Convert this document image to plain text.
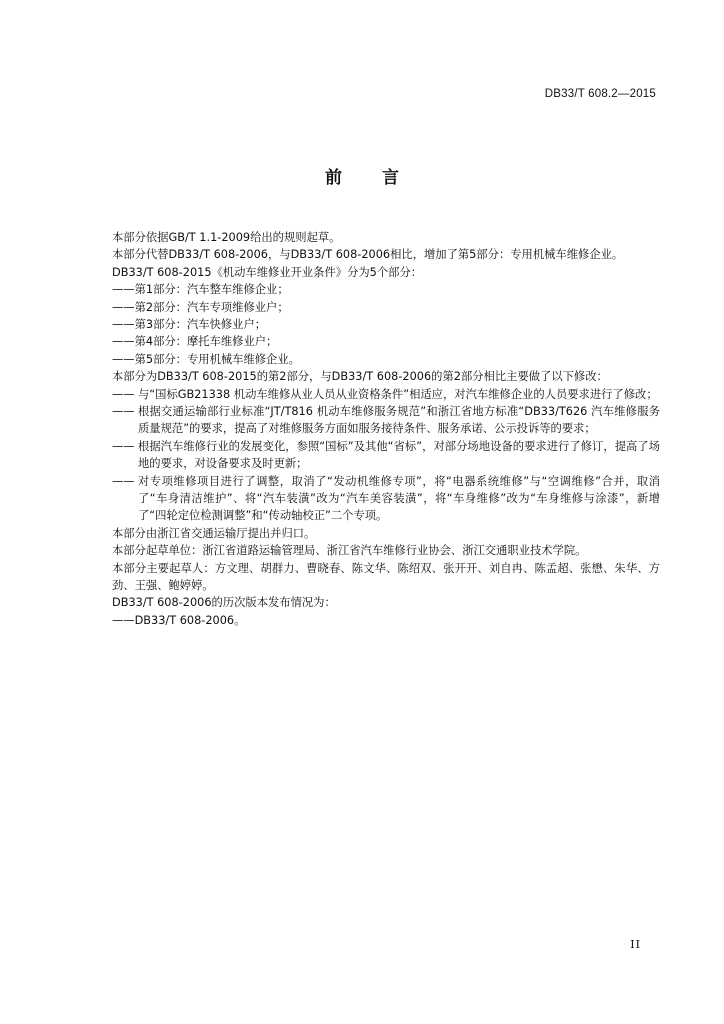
DB33/T 608.2—2015
前言
本部分依据GB/T 1.1-2009给出的规则起草。
本部分代替DB33/T 608-2006，与DB33/T 608-2006相比，增加了第5部分：专用机械车维修企业。
DB33/T 608-2015《机动车维修业开业条件》分为5个部分：
——第1部分：汽车整车维修企业；
——第2部分：汽车专项维修业户；
——第3部分：汽车快修业户；
——第4部分：摩托车维修业户；
——第5部分：专用机械车维修企业。
本部分为DB33/T 608-2015的第2部分，与DB33/T 608-2006的第2部分相比主要做了以下修改：
—— 与“国标GB21338 机动车维修从业人员从业资格条件”相适应，对汽车维修企业的人员要求进行了修改；
—— 根据交通运输部行业标准“JT/T816 机动车维修服务规范”和浙江省地方标准“DB33/T626 汽车维修服务质量规范”的要求，提高了对维修服务方面如服务接待条件、服务承诺、公示投诉等的要求；
—— 根据汽车维修行业的发展变化，参照“国标”及其他“省标”，对部分场地设备的要求进行了修订，提高了场地的要求，对设备要求及时更新；
—— 对专项维修项目进行了调整，取消了“发动机维修专项”，将“电器系统维修”与“空调维修”合并，取消了“车身清洁维护”、将“汽车装潢”改为“汽车美容装潢”，将“车身维修”改为“车身维修与涂漆”，新增了“四轮定位检测调整”和“传动轴校正”二个专项。
本部分由浙江省交通运输厅提出并归口。
本部分起草单位：浙江省道路运输管理局、浙江省汽车维修行业协会、浙江交通职业技术学院。
本部分主要起草人：方文理、胡群力、曹晓春、陈文华、陈绍双、张开开、刘自冉、陈孟超、张懋、朱华、方劲、王强、鲍婷婷。
DB33/T 608-2006的历次版本发布情况为：
——DB33/T 608-2006。
II
